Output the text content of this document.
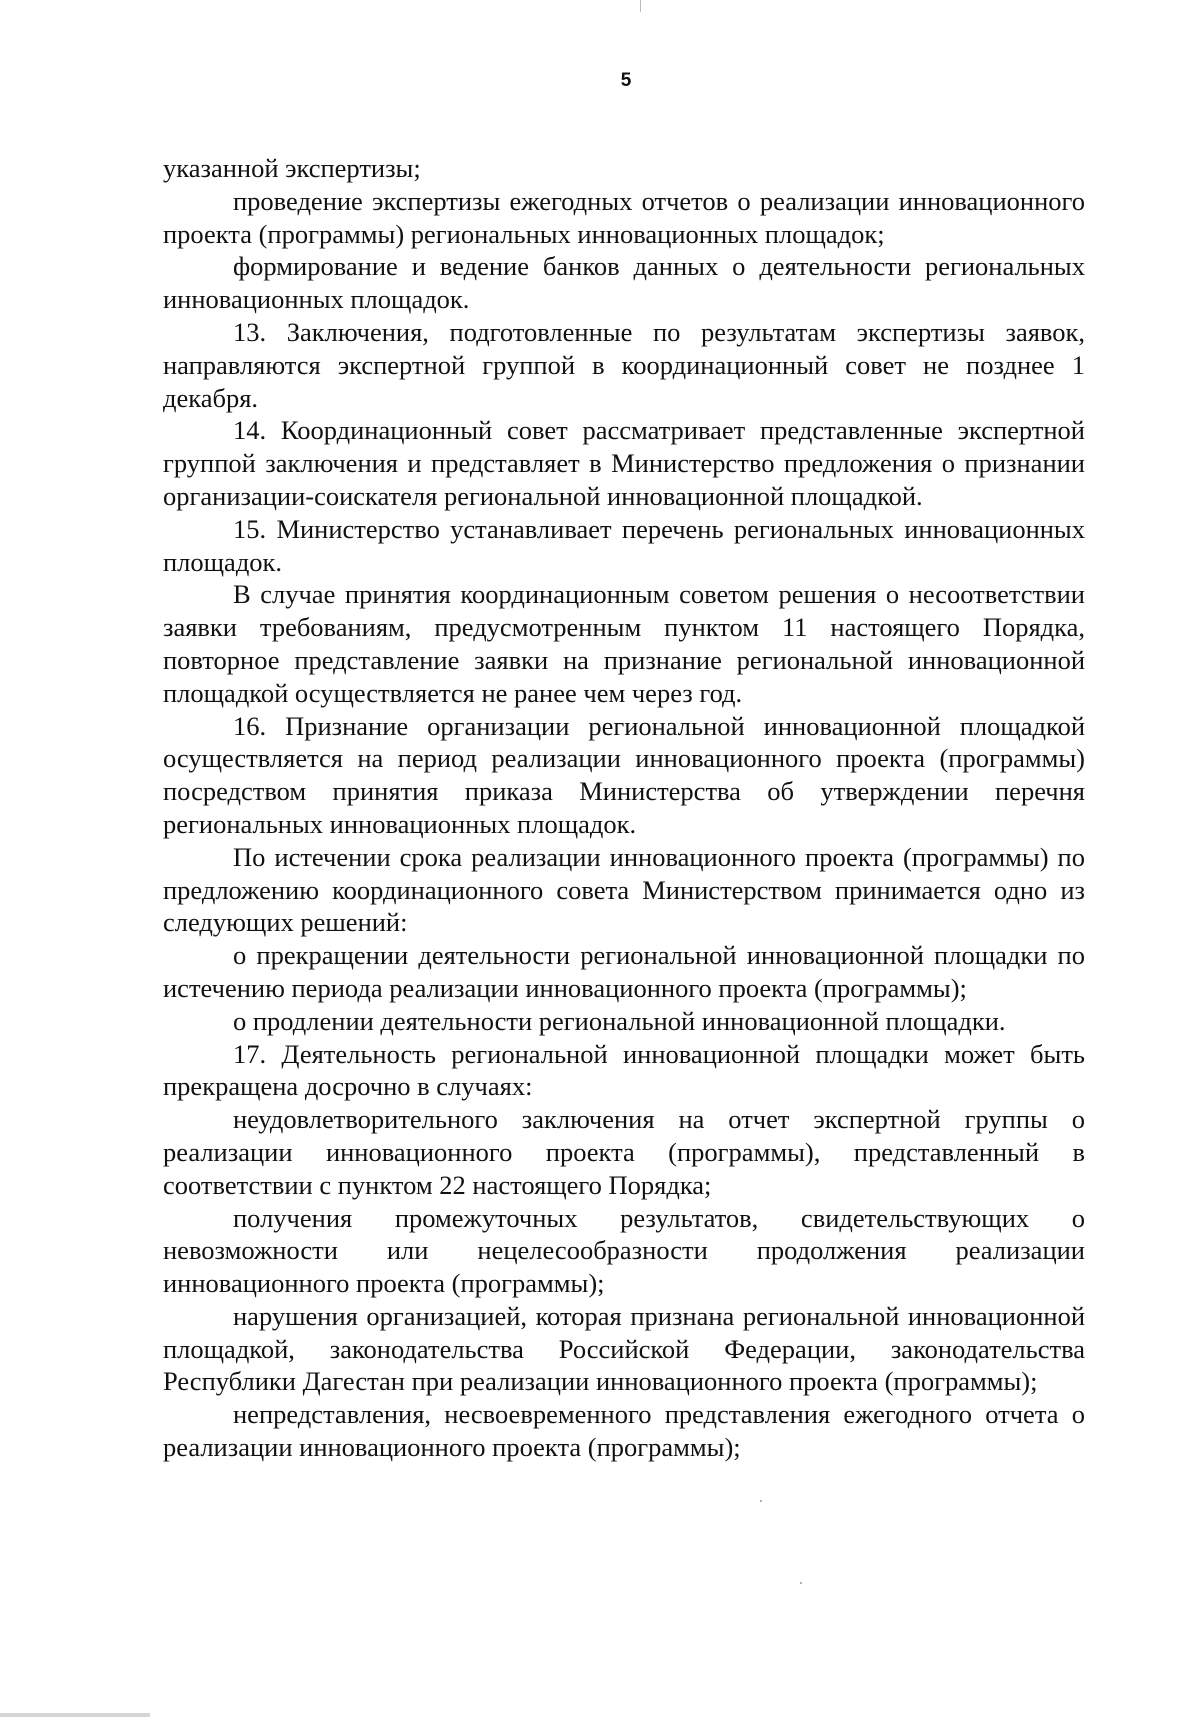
5

указанной экспертизы;

проведение экспертизы ежегодных отчетов о реализации инновационного проекта (программы) региональных инновационных площадок;

формирование и ведение банков данных о деятельности региональных инновационных площадок.

13. Заключения, подготовленные по результатам экспертизы заявок, направляются экспертной группой в координационный совет не позднее 1 декабря.

14. Координационный совет рассматривает представленные экспертной группой заключения и представляет в Министерство предложения о признании организации-соискателя региональной инновационной площадкой.

15. Министерство устанавливает перечень региональных инновационных площадок.

В случае принятия координационным советом решения о несоответствии заявки требованиям, предусмотренным пунктом 11 настоящего Порядка, повторное представление заявки на признание региональной инновационной площадкой осуществляется не ранее чем через год.

16. Признание организации региональной инновационной площадкой осуществляется на период реализации инновационного проекта (программы) посредством принятия приказа Министерства об утверждении перечня региональных инновационных площадок.

По истечении срока реализации инновационного проекта (программы) по предложению координационного совета Министерством принимается одно из следующих решений:

о прекращении деятельности региональной инновационной площадки по истечению периода реализации инновационного проекта (программы);

о продлении деятельности региональной инновационной площадки.

17. Деятельность региональной инновационной площадки может быть прекращена досрочно в случаях:

неудовлетворительного заключения на отчет экспертной группы о реализации инновационного проекта (программы), представленный в соответствии с пунктом 22 настоящего Порядка;

получения промежуточных результатов, свидетельствующих о невозможности или нецелесообразности продолжения реализации инновационного проекта (программы);

нарушения организацией, которая признана региональной инновационной площадкой, законодательства Российской Федерации, законодательства Республики Дагестан при реализации инновационного проекта (программы);

непредставления, несвоевременного представления ежегодного отчета о реализации инновационного проекта (программы);
